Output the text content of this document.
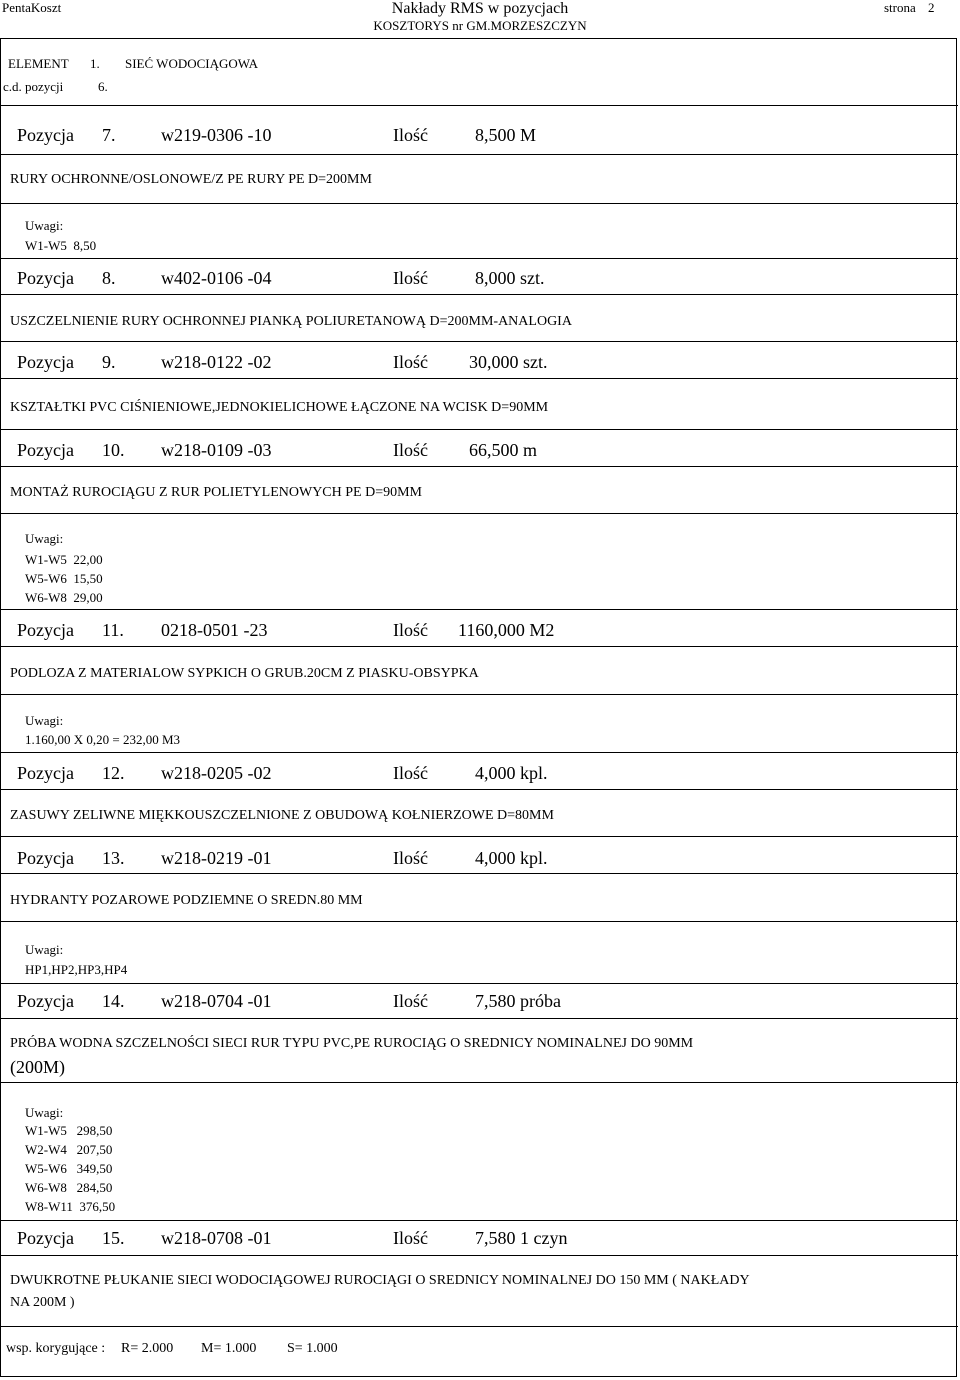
PentaKoszt	Nakłady RMS w pozycjach
KOSZTORYS nr GM.MORZESZCZYN
strona 2
ELEMENT 1. SIEĆ WODOCIĄGOWA
c.d. pozycji	6.
Pozycja 7.	w219-0306 -10	Ilość	8,500 M
RURY OCHRONNE/OSLONOWE/Z PE RURY PE D=200MM
Uwagi:
W1-W5  8,50
Pozycja 8.	w402-0106 -04	Ilość	8,000 szt.
USZCZELNIENIE RURY OCHRONNEJ PIANKĄ POLIURETANOWĄ D=200MM-ANALOGIA
Pozycja 9.	w218-0122 -02	Ilość 30,000 szt.
KSZTAŁTKI PVC CIŚNIENIOWE,JEDNOKIELICHOWE ŁĄCZONE NA WCISK D=90MM
Pozycja 10. w218-0109 -03	Ilość 66,500 m
MONTAŻ RUROCIĄGU Z RUR POLIETYLENOWYCH PE D=90MM
Uwagi:
W1-W5  22,00
W5-W6  15,50
W6-W8  29,00
Pozycja 11. 0218-0501 -23	Ilość 1160,000 M2
PODLOZA Z MATERIALOW SYPKICH O GRUB.20CM Z PIASKU-OBSYPKA
Uwagi:
1.160,00 X 0,20 = 232,00 M3
Pozycja 12. w218-0205 -02	Ilość	4,000 kpl.
ZASUWY ZELIWNE MIĘKKOUSZCZELNIONE Z OBUDOWĄ KOŁNIERZOWE D=80MM
Pozycja 13. w218-0219 -01	Ilość	4,000 kpl.
HYDRANTY POZAROWE PODZIEMNE O SREDN.80 MM
Uwagi:
HP1,HP2,HP3,HP4
Pozycja 14. w218-0704 -01	Ilość	7,580 próba
PRÓBA WODNA SZCZELNOŚCI SIECI RUR TYPU PVC,PE RUROCIĄG O SREDNICY NOMINALNEJ DO 90MM
(200M)
Uwagi:
W1-W5   298,50
W2-W4   207,50
W5-W6   349,50
W6-W8   284,50
W8-W11  376,50
Pozycja 15. w218-0708 -01	Ilość	7,580 1 czyn
DWUKROTNE PŁUKANIE SIECI WODOCIĄGOWEJ RUROCIĄGI O SREDNICY NOMINALNEJ DO 150 MM ( NAKŁADY
NA 200M )
wsp. korygujące : R= 2.000 M= 1.000 S= 1.000
